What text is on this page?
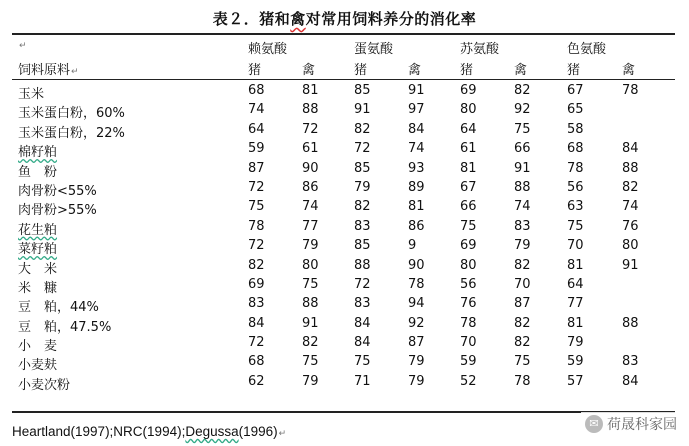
表２．猪和禽对常用饲料养分的消化率
↵
饲料原料↵
赖氨酸	蛋氨酸	苏氨酸	色氨酸
猪	禽	猪	禽	猪	禽	猪	禽
玉米	68	81	85	91	69	82	67	78
玉米蛋白粉，60%	74	88	91	97	80	92	65
玉米蛋白粉，22%	64	72	82	84	64	75	58
棉籽粕	59	61	72	74	61	66	68	84
鱼　粉	87	90	85	93	81	91	78	88
肉骨粉<55%	72	86	79	89	67	88	56	82
肉骨粉>55%	75	74	82	81	66	74	63	74
花生粕	78	77	83	86	75	83	75	76
菜籽粕	72	79	85	9	69	79	70	80
大　米	82	80	88	90	80	82	81	91
米　糠	69	75	72	78	56	70	64
豆　粕，44%	83	88	83	94	76	87	77
豆　粕，47.5%	84	91	84	92	78	82	81	88
小　麦	72	82	84	87	70	82	79
小麦麸	68	75	75	79	59	75	59	83
小麦次粉	62	79	71	79	52	78	57	84
Heartland(1997);NRC(1994);Degussa(1996)↵
✉ 荷晟科家园
